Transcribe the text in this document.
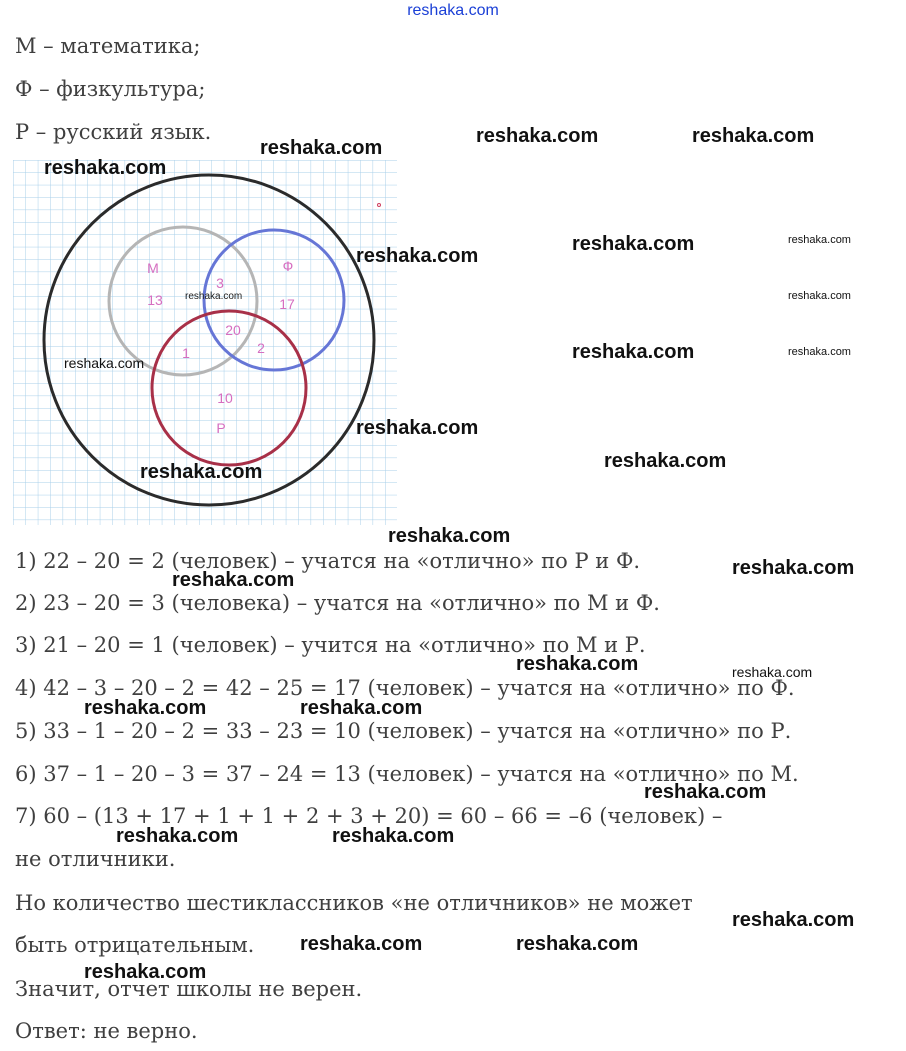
reshaka.com
М – математика;
Ф – физкультура;
Р – русский язык.
М	Ф
Р
13	17
10
3
1	2
20
reshaka.com
1) 22 – 20 = 2 (человек) – учатся на «отлично» по Р и Ф.
2) 23 – 20 = 3 (человека) – учатся на «отлично» по М и Ф.
3) 21 – 20 = 1 (человек) – учится на «отлично» по М и Р.
4) 42 – 3 – 20 – 2 = 42 – 25 = 17 (человек) – учатся на «отлично» по Ф.
5) 33 – 1 – 20 – 2 = 33 – 23 = 10 (человек) – учатся на «отлично» по Р.
6) 37 – 1 – 20 – 3 = 37 – 24 = 13 (человек) – учатся на «отлично» по М.
7) 60 – (13 + 17 + 1 + 1 + 2 + 3 + 20) = 60 – 66 = –6 (человек) –
не отличники.
Но количество шестиклассников «не отличников» не может
быть отрицательным.
Значит, отчет школы не верен.
Ответ: не верно.
reshaka.com
reshaka.com	reshaka.com
reshaka.com
reshaka.com	reshaka.com
reshaka.com
reshaka.com
reshaka.com	reshaka.com
reshaka.com
reshaka.com
reshaka.com
reshaka.com
reshaka.com
reshaka.com
reshaka.com
reshaka.com	reshaka.com
reshaka.com	reshaka.com
reshaka.com
reshaka.com	reshaka.com
reshaka.com
reshaka.com	reshaka.com
reshaka.com
